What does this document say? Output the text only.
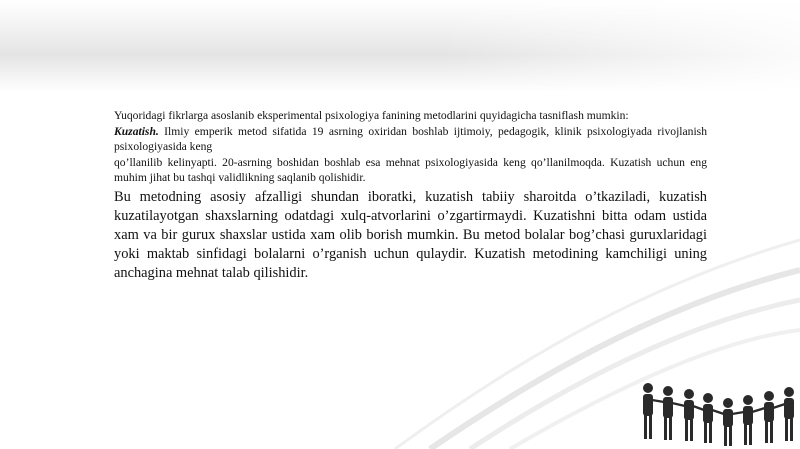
Yuqoridagi fikrlarga asoslanib eksperimental psixologiya fanining metodlarini quyidagicha tasniflash mumkin:
Kuzatish. Ilmiy emperik metod sifatida 19 asrning oxiridan boshlab ijtimoiy, pedagogik, klinik psixologiyada rivojlanish psixologiyasida keng
qo’llanilib kelinyapti. 20-asrning boshidan boshlab esa mehnat psixologiyasida keng qo’llanilmoqda. Kuzatish uchun eng muhim jihat bu tashqi validlikning saqlanib qolishidir.

Bu metodning asosiy afzalligi shundan iboratki, kuzatish tabiiy sharoitda o’tkaziladi, kuzatish kuzatilayotgan shaxslarning odatdagi xulq-atvorlarini o’zgartirmaydi. Kuzatishni bitta odam ustida xam va bir gurux shaxslar ustida xam olib borish mumkin. Bu metod bolalar bog’chasi guruxlaridagi yoki maktab sinfidagi bolalarni o’rganish uchun qulaydir. Kuzatish metodining kamchiligi uning anchagina mehnat talab qilishidir.
